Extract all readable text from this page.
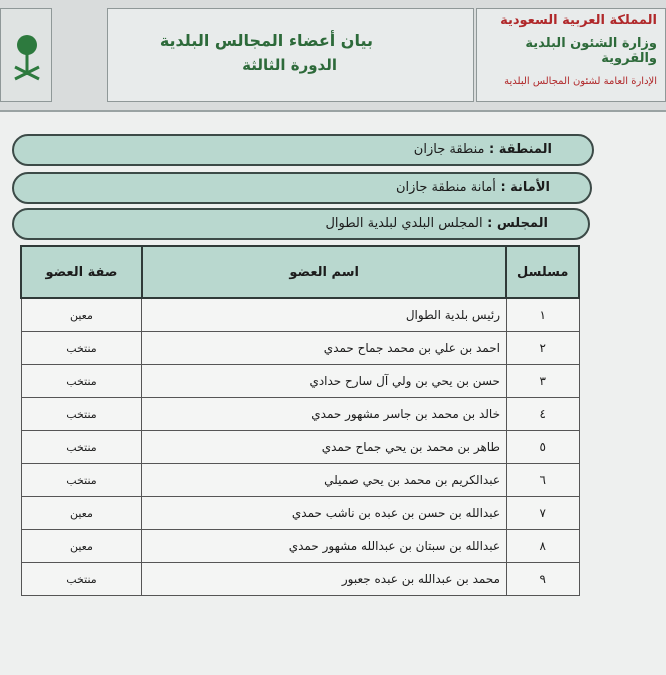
بيان أعضاء المجالس البلدية
الدورة الثالثة
المملكة العربية السعودية
وزارة الشئون البلدية والقروية
الإدارة العامة لشئون المجالس البلدية
المنطقة : منطقة جازان
الأمانة : أمانة منطقة جازان
المجلس : المجلس البلدي لبلدية الطوال
مسلسل	اسم العضو	صفة العضو
١	رئيس بلدية الطوال	معين
٢	احمد بن علي بن محمد جماح حمدي	منتخب
٣	حسن بن يحي بن ولي آل سارح حدادي	منتخب
٤	خالد بن محمد بن جاسر مشهور حمدي	منتخب
٥	طاهر بن محمد بن يحي جماح حمدي	منتخب
٦	عبدالكريم بن محمد بن يحي صميلي	منتخب
٧	عبدالله بن حسن بن عبده بن ناشب حمدي	معين
٨	عبدالله بن سبتان بن عبدالله مشهور حمدي	معين
٩	محمد بن عبدالله بن عبده جعبور	منتخب
